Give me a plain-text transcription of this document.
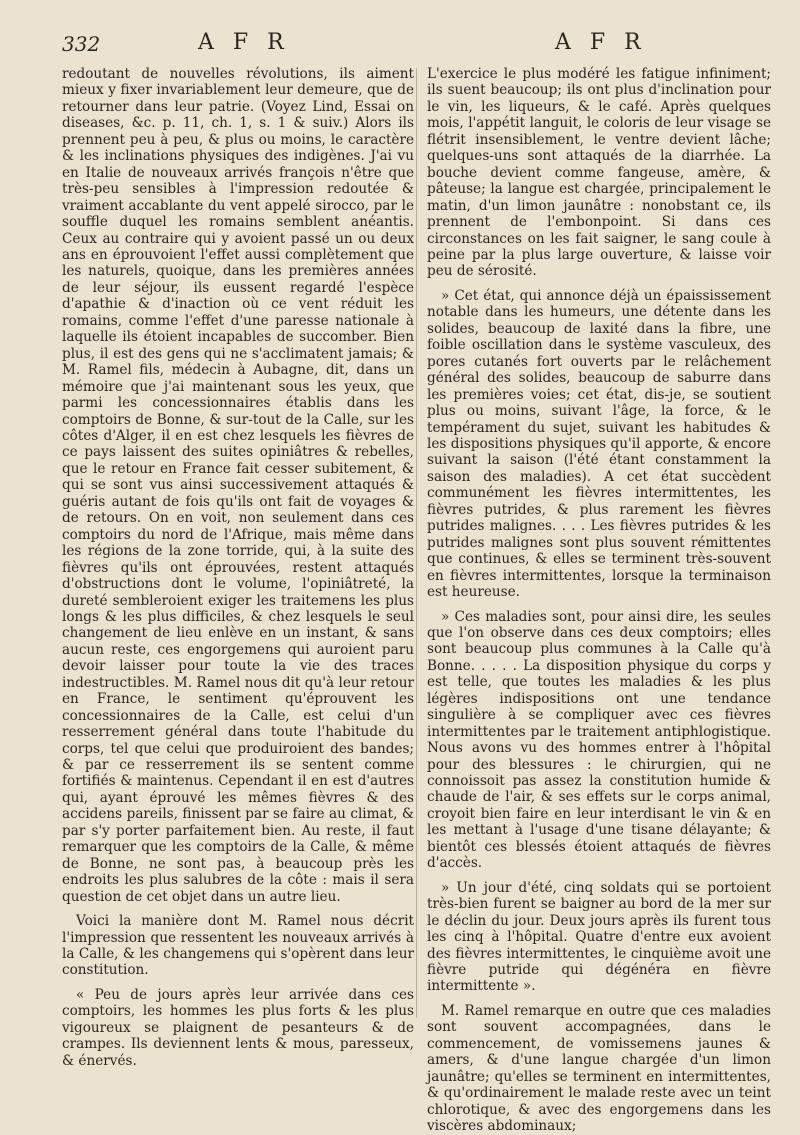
332	A F R	A F R

redoutant de nouvelles révolutions, ils aiment mieux y fixer invariablement leur demeure, que de retourner dans leur patrie. (Voyez Lind, Essai on diseases, &c. p. 11, ch. 1, s. 1 & suiv.) Alors ils prennent peu à peu, & plus ou moins, le caractère & les inclinations physiques des indigènes. J'ai vu en Italie de nouveaux arrivés françois n'être que très-peu sensibles à l'impression redoutée & vraiment accablante du vent appelé sirocco, par le souffle duquel les romains semblent anéantis. Ceux au contraire qui y avoient passé un ou deux ans en éprouvoient l'effet aussi complètement que les naturels, quoique, dans les premières années de leur séjour, ils eussent regardé l'espèce d'apathie & d'inaction où ce vent réduit les romains, comme l'effet d'une paresse nationale à laquelle ils étoient incapables de succomber. Bien plus, il est des gens qui ne s'acclimatent jamais; & M. Ramel fils, médecin à Aubagne, dit, dans un mémoire que j'ai maintenant sous les yeux, que parmi les concessionnaires établis dans les comptoirs de Bonne, & sur-tout de la Calle, sur les côtes d'Alger, il en est chez lesquels les fièvres de ce pays laissent des suites opiniâtres & rebelles, que le retour en France fait cesser subitement, & qui se sont vus ainsi successivement attaqués & guéris autant de fois qu'ils ont fait de voyages & de retours. On en voit, non seulement dans ces comptoirs du nord de l'Afrique, mais même dans les régions de la zone torride, qui, à la suite des fièvres qu'ils ont éprouvées, restent attaqués d'obstructions dont le volume, l'opiniâtreté, la dureté sembleroient exiger les traitemens les plus longs & les plus difficiles, & chez lesquels le seul changement de lieu enlève en un instant, & sans aucun reste, ces engorgemens qui auroient paru devoir laisser pour toute la vie des traces indestructibles. M. Ramel nous dit qu'à leur retour en France, le sentiment qu'éprouvent les concessionnaires de la Calle, est celui d'un resserrement général dans toute l'habitude du corps, tel que celui que produiroient des bandes; & par ce resserrement ils se sentent comme fortifiés & maintenus. Cependant il en est d'autres qui, ayant éprouvé les mêmes fièvres & des accidens pareils, finissent par se faire au climat, & par s'y porter parfaitement bien. Au reste, il faut remarquer que les comptoirs de la Calle, & même de Bonne, ne sont pas, à beaucoup près les endroits les plus salubres de la côte : mais il sera question de cet objet dans un autre lieu.

Voici la manière dont M. Ramel nous décrit l'impression que ressentent les nouveaux arrivés à la Calle, & les changemens qui s'opèrent dans leur constitution.

« Peu de jours après leur arrivée dans ces comptoirs, les hommes les plus forts & les plus vigoureux se plaignent de pesanteurs & de crampes. Ils deviennent lents & mous, paresseux, & énervés.

L'exercice le plus modéré les fatigue infiniment; ils suent beaucoup; ils ont plus d'inclination pour le vin, les liqueurs, & le café. Après quelques mois, l'appétit languit, le coloris de leur visage se flétrit insensiblement, le ventre devient lâche; quelques-uns sont attaqués de la diarrhée. La bouche devient comme fangeuse, amère, & pâteuse; la langue est chargée, principalement le matin, d'un limon jaunâtre : nonobstant ce, ils prennent de l'embonpoint. Si dans ces circonstances on les fait saigner, le sang coule à peine par la plus large ouverture, & laisse voir peu de sérosité.

» Cet état, qui annonce déjà un épaississement notable dans les humeurs, une détente dans les solides, beaucoup de laxité dans la fibre, une foible oscillation dans le système vasculeux, des pores cutanés fort ouverts par le relâchement général des solides, beaucoup de saburre dans les premières voies; cet état, dis-je, se soutient plus ou moins, suivant l'âge, la force, & le tempérament du sujet, suivant les habitudes & les dispositions physiques qu'il apporte, & encore suivant la saison (l'été étant constamment la saison des maladies). A cet état succèdent communément les fièvres intermittentes, les fièvres putrides, & plus rarement les fièvres putrides malignes. . . . Les fièvres putrides & les putrides malignes sont plus souvent rémittentes que continues, & elles se terminent très-souvent en fièvres intermittentes, lorsque la terminaison est heureuse.

» Ces maladies sont, pour ainsi dire, les seules que l'on observe dans ces deux comptoirs; elles sont beaucoup plus communes à la Calle qu'à Bonne. . . . . La disposition physique du corps y est telle, que toutes les maladies & les plus légères indispositions ont une tendance singulière à se compliquer avec ces fièvres intermittentes par le traitement antiphlogistique. Nous avons vu des hommes entrer à l'hôpital pour des blessures : le chirurgien, qui ne connoissoit pas assez la constitution humide & chaude de l'air, & ses effets sur le corps animal, croyoit bien faire en leur interdisant le vin & en les mettant à l'usage d'une tisane délayante; & bientôt ces blessés étoient attaqués de fièvres d'accès.

» Un jour d'été, cinq soldats qui se portoient très-bien furent se baigner au bord de la mer sur le déclin du jour. Deux jours après ils furent tous les cinq à l'hôpital. Quatre d'entre eux avoient des fièvres intermittentes, le cinquième avoit une fièvre putride qui dégénéra en fièvre intermittente ».

M. Ramel remarque en outre que ces maladies sont souvent accompagnées, dans le commencement, de vomissemens jaunes & amers, & d'une langue chargée d'un limon jaunâtre; qu'elles se terminent en intermittentes, & qu'ordinairement le malade reste avec un teint chlorotique, & avec des engorgemens dans les viscères abdominaux;
